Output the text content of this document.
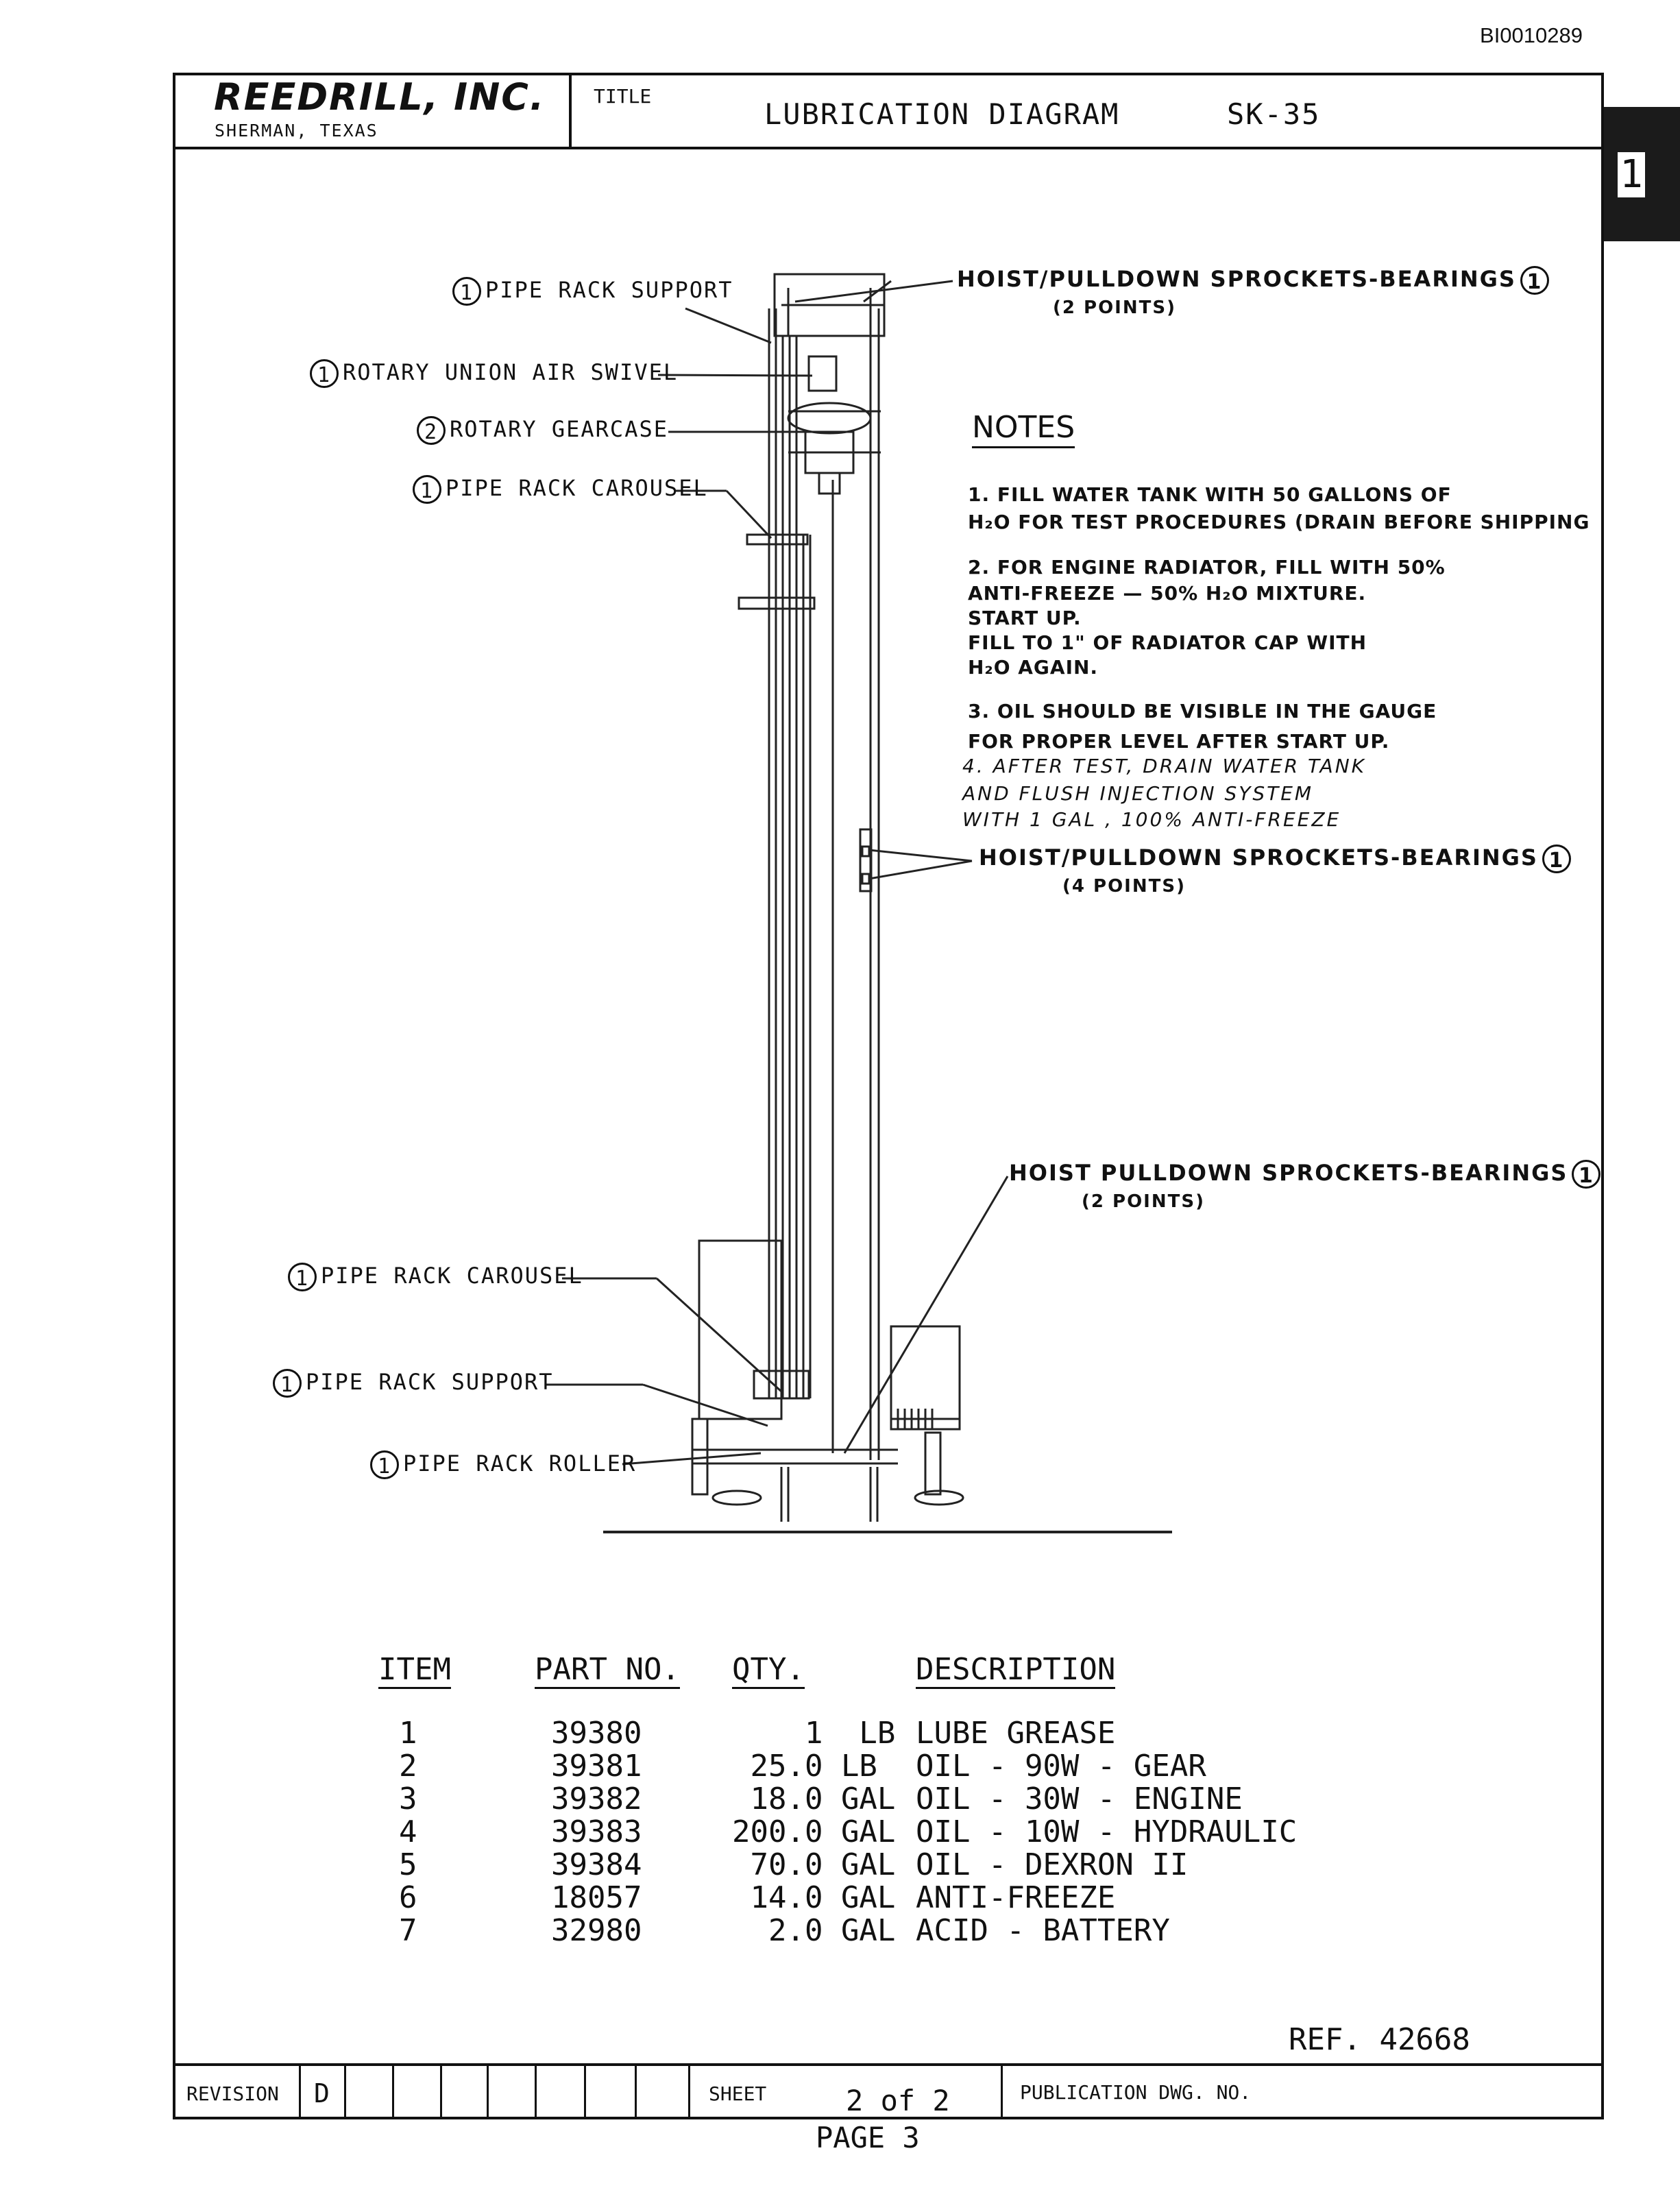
BI0010289
REEDRILL, INC.
SHERMAN, TEXAS
TITLE
LUBRICATION DIAGRAM	SK-35
1
1 PIPE RACK SUPPORT
1 ROTARY UNION AIR SWIVEL
2 ROTARY GEARCASE
1 PIPE RACK CAROUSEL
HOIST/PULLDOWN SPROCKETS-BEARINGS 1
(2 POINTS)
HOIST/PULLDOWN SPROCKETS-BEARINGS 1
(4 POINTS)
HOIST PULLDOWN SPROCKETS-BEARINGS 1
(2 POINTS)
1 PIPE RACK CAROUSEL
1 PIPE RACK SUPPORT
1 PIPE RACK ROLLER
NOTES
1. FILL WATER TANK WITH 50 GALLONS OF
H₂O FOR TEST PROCEDURES (DRAIN BEFORE SHIPPING
2. FOR ENGINE RADIATOR, FILL WITH 50%
ANTI-FREEZE — 50% H₂O MIXTURE.
START UP.
FILL TO 1" OF RADIATOR CAP WITH
H₂O AGAIN.
3. OIL SHOULD BE VISIBLE IN THE GAUGE
FOR PROPER LEVEL AFTER START UP.
4. AFTER TEST, DRAIN WATER TANK
AND FLUSH INJECTION SYSTEM
WITH 1 GAL , 100% ANTI-FREEZE
ITEM	PART NO.	QTY.	DESCRIPTION
1	39380	1  LB	LUBE GREASE
2	39381	25.0 LB	OIL - 90W - GEAR
3	39382	18.0 GAL	OIL - 30W - ENGINE
4	39383	200.0 GAL	OIL - 10W - HYDRAULIC
5	39384	70.0 GAL	OIL - DEXRON II
6	18057	14.0 GAL	ANTI-FREEZE
7	32980	2.0 GAL	ACID - BATTERY
REF. 42668
REVISION D	SHEET	2 of 2	PUBLICATION DWG. NO.
PAGE 3
